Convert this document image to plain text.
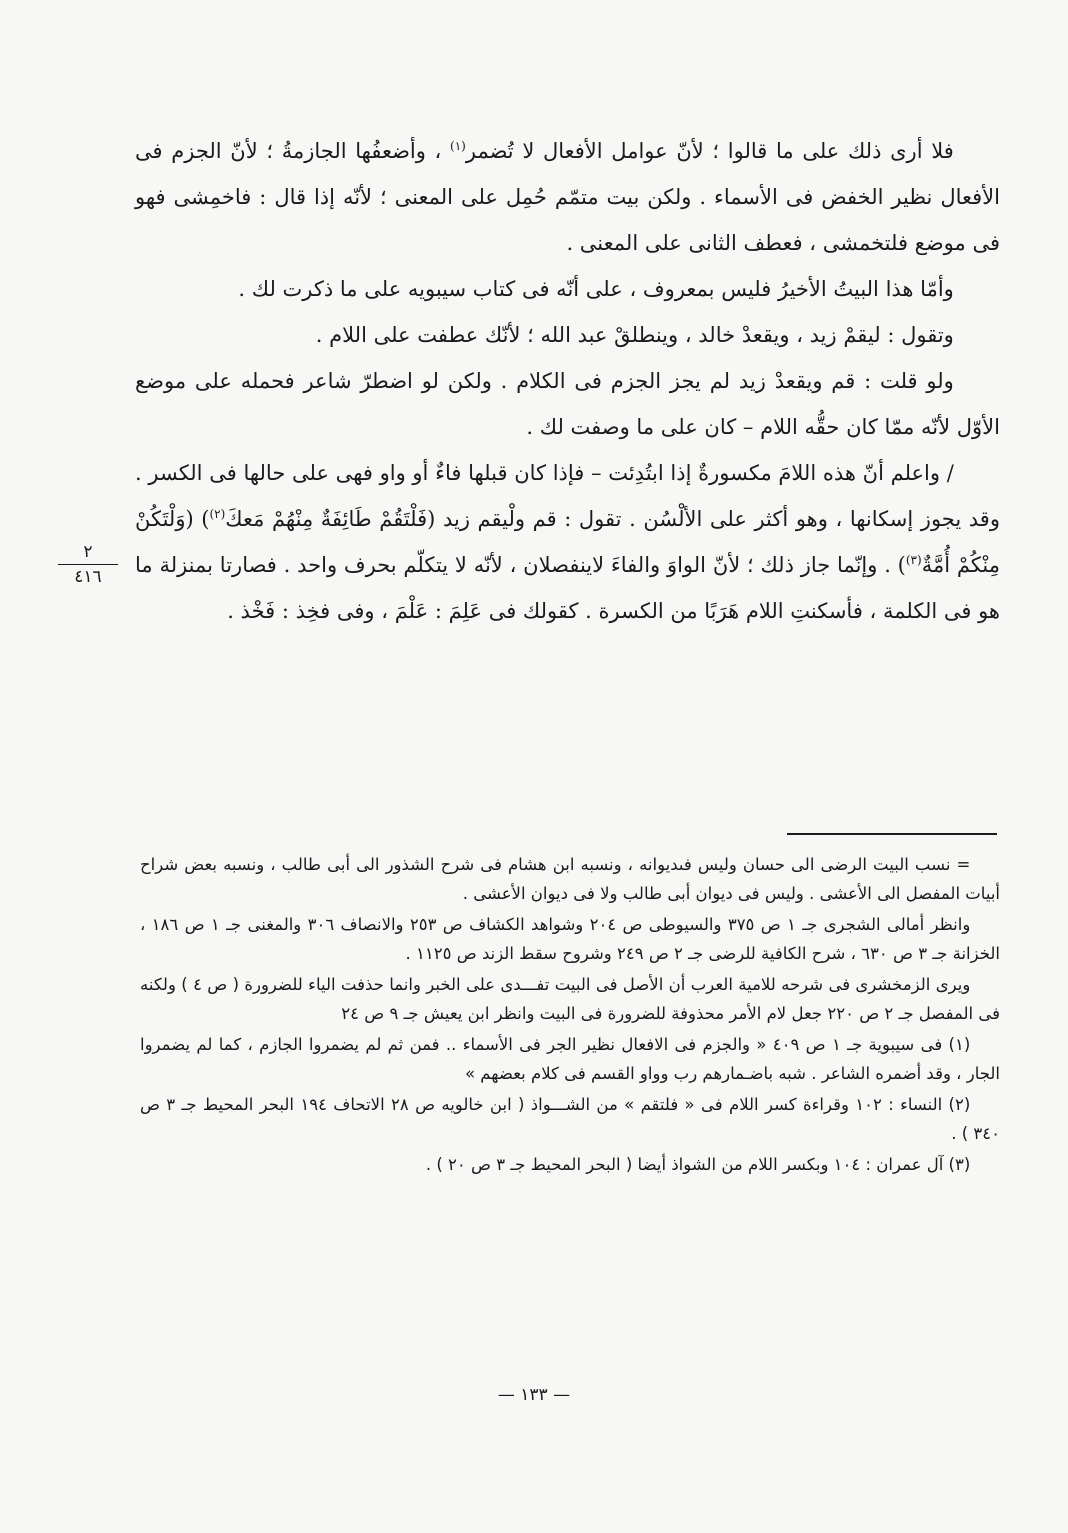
فلا أرى ذلك على ما قالوا ؛ لأنّ عوامل الأفعال لا تُضمر$^{(١)}$ ، وأضعفُها الجازمةُ ؛ لأنّ الجزم فى الأفعال نظير الخفض فى الأسماء . ولكن بيت متمّم حُمِل على المعنى ؛ لأنّه إذا قال : فاخمِشى فهو فى موضع فلتخمشى ، فعطف الثانى على المعنى .

وأمّا هذا البيتُ الأخيرُ فليس بمعروف ، على أنّه فى كتاب سيبويه على ما ذكرت لك .

وتقول : ليقمْ زيد ، ويقعدْ خالد ، وينطلقْ عبد الله ؛ لأنّك عطفت على اللام .

ولو قلت : قم ويقعدْ زيد لم يجز الجزم فى الكلام . ولكن لو اضطرّ شاعر فحمله على موضع الأوّل لأنّه ممّا كان حقُّه اللام – كان على ما وصفت لك .

/ واعلم أنّ هذه اللامَ مكسورةٌ إذا ابتُدِئت – فإذا كان قبلها فاءٌ أو واو فهى على حالها فى الكسر . وقد يجوز إسكانها ، وهو أكثر على الألْسُن . تقول : قم ولْيقم زيد (فَلْتَقُمْ طَائِفَةٌ مِنْهُمْ مَعكَ$^{(٢)}$) (وَلْتَكُنْ مِنْكُمْ أُمَّةٌ$^{(٣)}$) . وإنّما جاز ذلك ؛ لأنّ الواوَ والفاءَ لاينفصلان ، لأنّه لا يتكلّم بحرف واحد . فصارتا بمنزلة ما هو فى الكلمة ، فأسكنتِ اللام هَرَبًا من الكسرة . كقولك فى عَلِمَ : عَلْمَ ، وفى فخِذ : فَخْذ .

٢
٤١٦

= نسب البيت الرضى الى حسان وليس فىديوانه ، ونسبه ابن هشام فى شرح الشذور الى أبى طالب ، ونسبه بعض شراح أبيات المفصل الى الأعشى . وليس فى ديوان أبى طالب ولا فى ديوان الأعشى .

وانظر أمالى الشجرى جـ ١ ص ٣٧٥ والسيوطى ص ٢٠٤ وشواهد الكشاف ص ٢٥٣ والانصاف ٣٠٦ والمغنى جـ ١ ص ١٨٦ ، الخزانة جـ ٣ ص ٦٣٠ ، شرح الكافية للرضى جـ ٢ ص ٢٤٩ وشروح سقط الزند ص ١١٢٥ .

ويرى الزمخشرى فى شرحه للامية العرب أن الأصل فى البيت تفـــدى على الخبر وانما حذفت الياء للضرورة ( ص ٤ ) ولكنه فى المفصل جـ ٢ ص ٢٢٠ جعل لام الأمر محذوفة للضرورة فى البيت وانظر ابن يعيش جـ ٩ ص ٢٤

(١) فى سيبوية جـ ١ ص ٤٠٩ « والجزم فى الافعال نظير الجر فى الأسماء .. فمن ثم لم يضمروا الجازم ، كما لم يضمروا الجار ، وقد أضمره الشاعر . شبه باضـمارهم رب وواو القسم فى كلام بعضهم »

(٢) النساء : ١٠٢ وقراءة كسر اللام فى « فلتقم » من الشـــواذ ( ابن خالويه ص ٢٨ الاتحاف ١٩٤ البحر المحيط جـ ٣ ص ٣٤٠ ) .

(٣) آل عمران : ١٠٤ وبكسر اللام من الشواذ أيضا ( البحر المحيط جـ ٣ ص ٢٠ ) .

— ١٣٣ —
